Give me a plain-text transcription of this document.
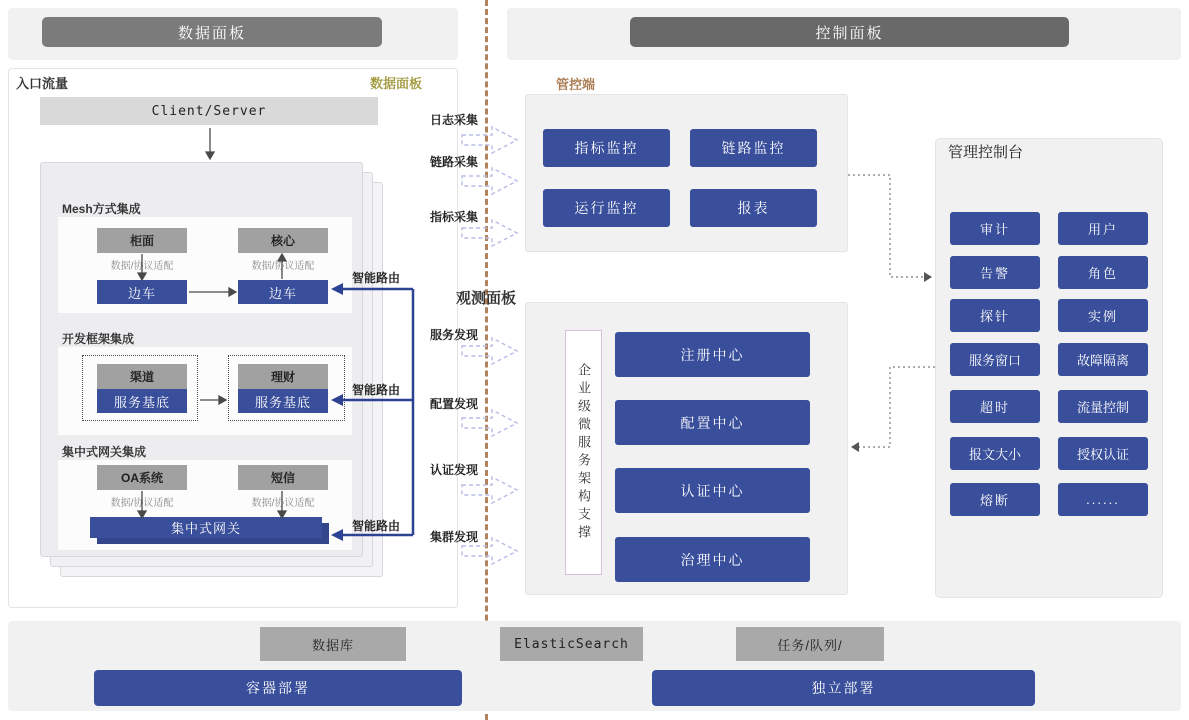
数据面板	控制面板
入口流量	数据面板
Client/Server
Mesh方式集成
柜面	核心
数据/协议适配	数据/协议适配
边车	边车
开发框架集成
渠道	理财
服务基底	服务基底
集中式网关集成
OA系统	短信
数据/协议适配	数据/协议适配
集中式网关
管控端
指标监控	链路监控
运行监控	报表
观测面板
企业级微服务架构支撑
注册中心
配置中心
认证中心
治理中心
管理控制台
审计	用户
告警	角色
探针	实例
服务窗口	故障隔离
超时	流量控制
报文大小	授权认证
熔断	......
数据库	ElasticSearch	任务/队列/
容器部署	独立部署
智能路由
智能路由
智能路由
日志采集
链路采集
指标采集
服务发现
配置发现
认证发现
集群发现
